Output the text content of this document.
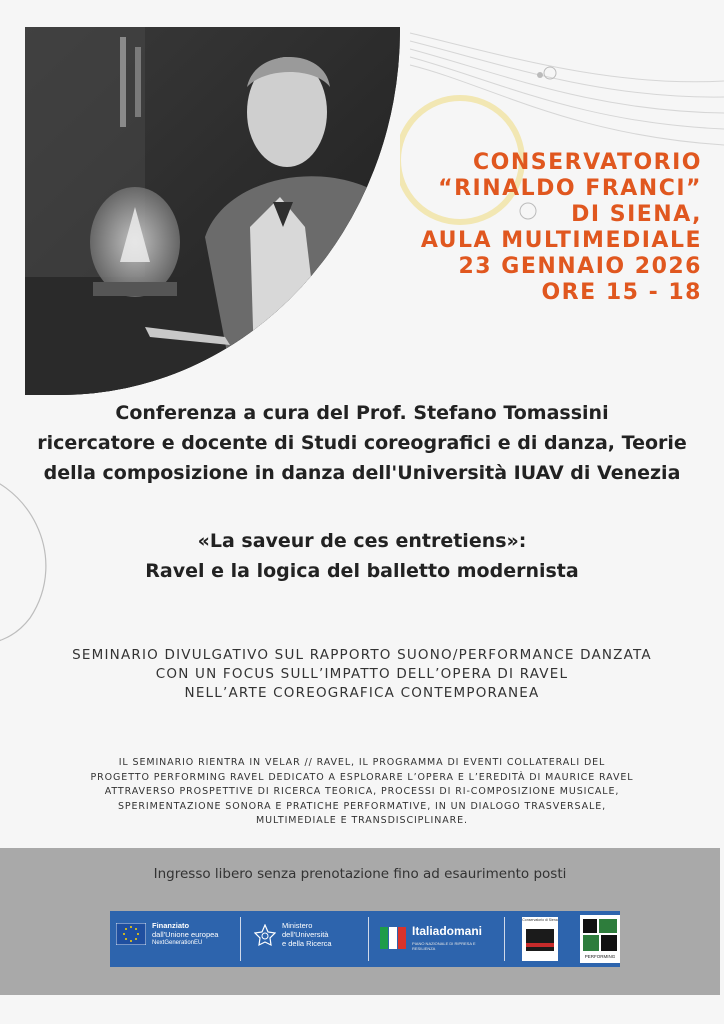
CONSERVATORIO
“RINALDO FRANCI”
DI SIENA,
AULA MULTIMEDIALE
23 GENNAIO 2026
ORE 15 - 18
Conferenza a cura del Prof. Stefano Tomassini
ricercatore e docente di Studi coreografici e di danza, Teorie
della composizione in danza dell'Università IUAV di Venezia
«La saveur de ces entretiens»:
Ravel e la logica del balletto modernista
SEMINARIO DIVULGATIVO SUL RAPPORTO SUONO/PERFORMANCE DANZATA
CON UN FOCUS SULL’IMPATTO DELL’OPERA DI RAVEL
NELL’ARTE COREOGRAFICA CONTEMPORANEA
IL SEMINARIO RIENTRA IN VELAR // RAVEL, IL PROGRAMMA DI EVENTI COLLATERALI DEL
PROGETTO PERFORMING RAVEL DEDICATO A ESPLORARE L’OPERA E L’EREDITÀ DI MAURICE RAVEL
ATTRAVERSO PROSPETTIVE DI RICERCA TEORICA, PROCESSI DI RI-COMPOSIZIONE MUSICALE,
SPERIMENTAZIONE SONORA E PRATICHE PERFORMATIVE, IN UN DIALOGO TRASVERSALE,
MULTIMEDIALE E TRANSDISCIPLINARE.
Ingresso libero senza prenotazione fino ad esaurimento posti
Finanziato
dall'Unione europea
NextGenerationEU
Ministero
dell'Università
e della Ricerca
Italiadomani
PIANO NAZIONALE DI RIPRESA E RESILIENZA
Conservatorio di Siena
PERFORMING
